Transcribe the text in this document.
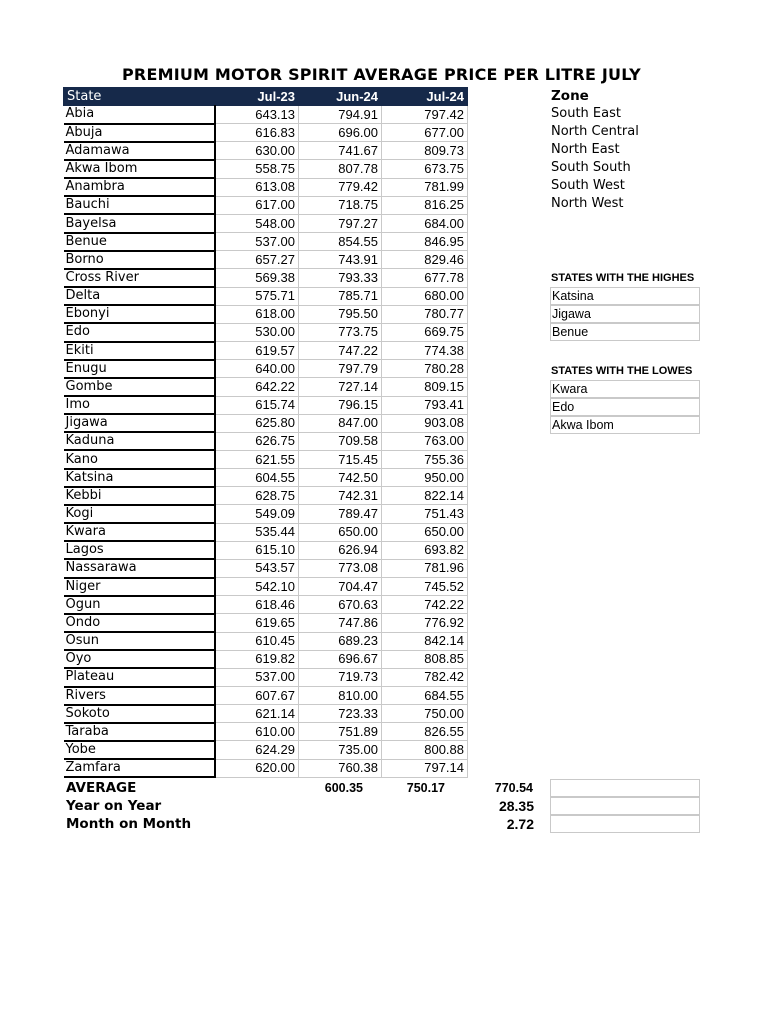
PREMIUM MOTOR SPIRIT AVERAGE PRICE PER LITRE JULY
State	Jul-23	Jun-24	Jul-24
Abia	643.13	794.91	797.42
Abuja	616.83	696.00	677.00
Adamawa	630.00	741.67	809.73
Akwa Ibom	558.75	807.78	673.75
Anambra	613.08	779.42	781.99
Bauchi	617.00	718.75	816.25
Bayelsa	548.00	797.27	684.00
Benue	537.00	854.55	846.95
Borno	657.27	743.91	829.46
Cross River	569.38	793.33	677.78
Delta	575.71	785.71	680.00
Ebonyi	618.00	795.50	780.77
Edo	530.00	773.75	669.75
Ekiti	619.57	747.22	774.38
Enugu	640.00	797.79	780.28
Gombe	642.22	727.14	809.15
Imo	615.74	796.15	793.41
Jigawa	625.80	847.00	903.08
Kaduna	626.75	709.58	763.00
Kano	621.55	715.45	755.36
Katsina	604.55	742.50	950.00
Kebbi	628.75	742.31	822.14
Kogi	549.09	789.47	751.43
Kwara	535.44	650.00	650.00
Lagos	615.10	626.94	693.82
Nassarawa	543.57	773.08	781.96
Niger	542.10	704.47	745.52
Ogun	618.46	670.63	742.22
Ondo	619.65	747.86	776.92
Osun	610.45	689.23	842.14
Oyo	619.82	696.67	808.85
Plateau	537.00	719.73	782.42
Rivers	607.67	810.00	684.55
Sokoto	621.14	723.33	750.00
Taraba	610.00	751.89	826.55
Yobe	624.29	735.00	800.88
Zamfara	620.00	760.38	797.14
AVERAGE	600.35	750.17	770.54
Year on Year	28.35
Month on Month	2.72
Zone
South East
North Central
North East
South South
South West
North West
STATES WITH THE HIGHES
Katsina
Jigawa
Benue
STATES WITH THE LOWES
Kwara
Edo
Akwa Ibom
